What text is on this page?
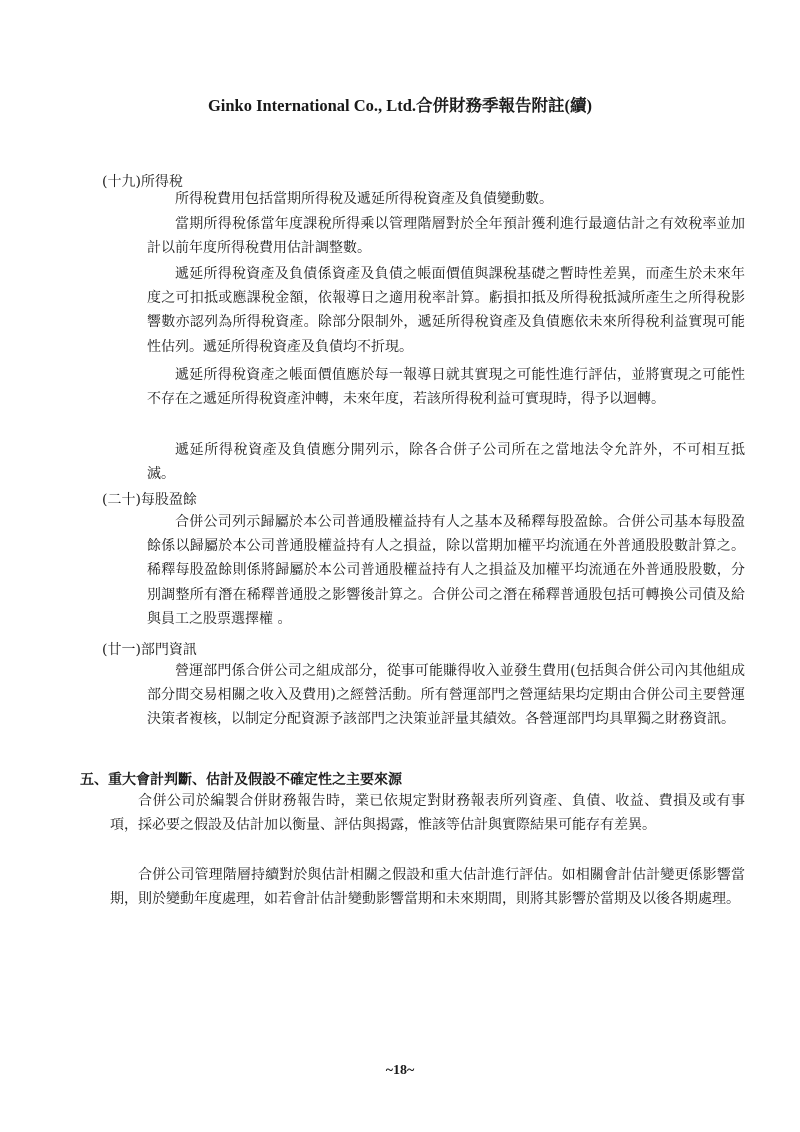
Ginko International Co., Ltd.合併財務季報告附註(續)
(十九)所得稅
所得稅費用包括當期所得稅及遞延所得稅資產及負債變動數。
當期所得稅係當年度課稅所得乘以管理階層對於全年預計獲利進行最適估計之有效稅率並加計以前年度所得稅費用估計調整數。
遞延所得稅資產及負債係資產及負債之帳面價值與課稅基礎之暫時性差異，而產生於未來年度之可扣抵或應課稅金額，依報導日之適用稅率計算。虧損扣抵及所得稅抵減所產生之所得稅影響數亦認列為所得稅資產。除部分限制外，遞延所得稅資產及負債應依未來所得稅利益實現可能性估列。遞延所得稅資產及負債均不折現。
遞延所得稅資產之帳面價值應於每一報導日就其實現之可能性進行評估，並將實現之可能性不存在之遞延所得稅資產沖轉，未來年度，若該所得稅利益可實現時，得予以迴轉。
遞延所得稅資產及負債應分開列示，除各合併子公司所在之當地法令允許外，不可相互抵滅。
(二十)每股盈餘
合併公司列示歸屬於本公司普通股權益持有人之基本及稀釋每股盈餘。合併公司基本每股盈餘係以歸屬於本公司普通股權益持有人之損益，除以當期加權平均流通在外普通股股數計算之。稀釋每股盈餘則係將歸屬於本公司普通股權益持有人之損益及加權平均流通在外普通股股數，分別調整所有潛在稀釋普通股之影響後計算之。合併公司之潛在稀釋普通股包括可轉換公司債及給與員工之股票選擇權 。
(廿一)部門資訊
營運部門係合併公司之組成部分，從事可能賺得收入並發生費用(包括與合併公司內其他組成部分間交易相關之收入及費用)之經營活動。所有營運部門之營運結果均定期由合併公司主要營運決策者複核，以制定分配資源予該部門之決策並評量其績效。各營運部門均具單獨之財務資訊。
五、重大會計判斷、估計及假設不確定性之主要來源
合併公司於編製合併財務報告時，業已依規定對財務報表所列資產、負債、收益、費損及或有事項，採必要之假設及估計加以衡量、評估與揭露，惟該等估計與實際結果可能存有差異。
合併公司管理階層持續對於與估計相關之假設和重大估計進行評估。如相關會計估計變更係影響當期，則於變動年度處理，如若會計估計變動影響當期和未來期間，則將其影響於當期及以後各期處理。
~18~
